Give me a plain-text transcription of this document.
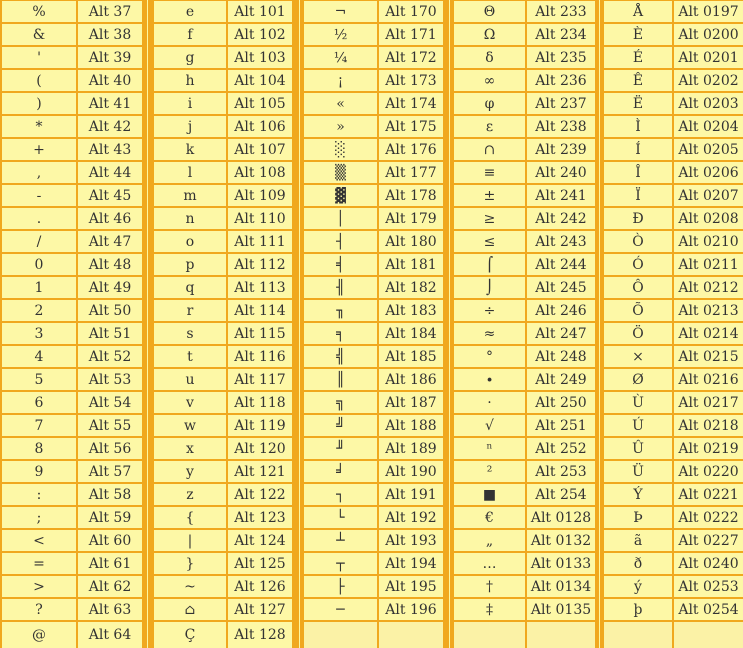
%	Alt 37
&	Alt 38
'	Alt 39
(	Alt 40
)	Alt 41
*	Alt 42
+	Alt 43
,	Alt 44
-	Alt 45
.	Alt 46
/	Alt 47
0	Alt 48
1	Alt 49
2	Alt 50
3	Alt 51
4	Alt 52
5	Alt 53
6	Alt 54
7	Alt 55
8	Alt 56
9	Alt 57
:	Alt 58
;	Alt 59
<	Alt 60
=	Alt 61
>	Alt 62
?	Alt 63
@	Alt 64
e	Alt 101
f	Alt 102
g	Alt 103
h	Alt 104
i	Alt 105
j	Alt 106
k	Alt 107
l	Alt 108
m	Alt 109
n	Alt 110
o	Alt 111
p	Alt 112
q	Alt 113
r	Alt 114
s	Alt 115
t	Alt 116
u	Alt 117
v	Alt 118
w	Alt 119
x	Alt 120
y	Alt 121
z	Alt 122
{	Alt 123
|	Alt 124
}	Alt 125
~	Alt 126
⌂	Alt 127
Ç	Alt 128
¬	Alt 170
½	Alt 171
¼	Alt 172
¡	Alt 173
«	Alt 174
»	Alt 175
░	Alt 176
▒	Alt 177
▓	Alt 178
│	Alt 179
┤	Alt 180
╡	Alt 181
╢	Alt 182
╖	Alt 183
╕	Alt 184
╣	Alt 185
║	Alt 186
╗	Alt 187
╝	Alt 188
╜	Alt 189
╛	Alt 190
┐	Alt 191
└	Alt 192
┴	Alt 193
┬	Alt 194
├	Alt 195
─	Alt 196
Θ	Alt 233
Ω	Alt 234
δ	Alt 235
∞	Alt 236
φ	Alt 237
ε	Alt 238
∩	Alt 239
≡	Alt 240
±	Alt 241
≥	Alt 242
≤	Alt 243
⌠	Alt 244
⌡	Alt 245
÷	Alt 246
≈	Alt 247
°	Alt 248
∙	Alt 249
·	Alt 250
√	Alt 251
ⁿ	Alt 252
²	Alt 253
■	Alt 254
€	Alt 0128
„	Alt 0132
…	Alt 0133
†	Alt 0134
‡	Alt 0135
Å	Alt 0197
È	Alt 0200
É	Alt 0201
Ê	Alt 0202
Ë	Alt 0203
Ì	Alt 0204
Í	Alt 0205
Î	Alt 0206
Ï	Alt 0207
Ð	Alt 0208
Ò	Alt 0210
Ó	Alt 0211
Ô	Alt 0212
Õ	Alt 0213
Ö	Alt 0214
×	Alt 0215
Ø	Alt 0216
Ù	Alt 0217
Ú	Alt 0218
Û	Alt 0219
Ü	Alt 0220
Ý	Alt 0221
Þ	Alt 0222
ã	Alt 0227
ð	Alt 0240
ý	Alt 0253
þ	Alt 0254
